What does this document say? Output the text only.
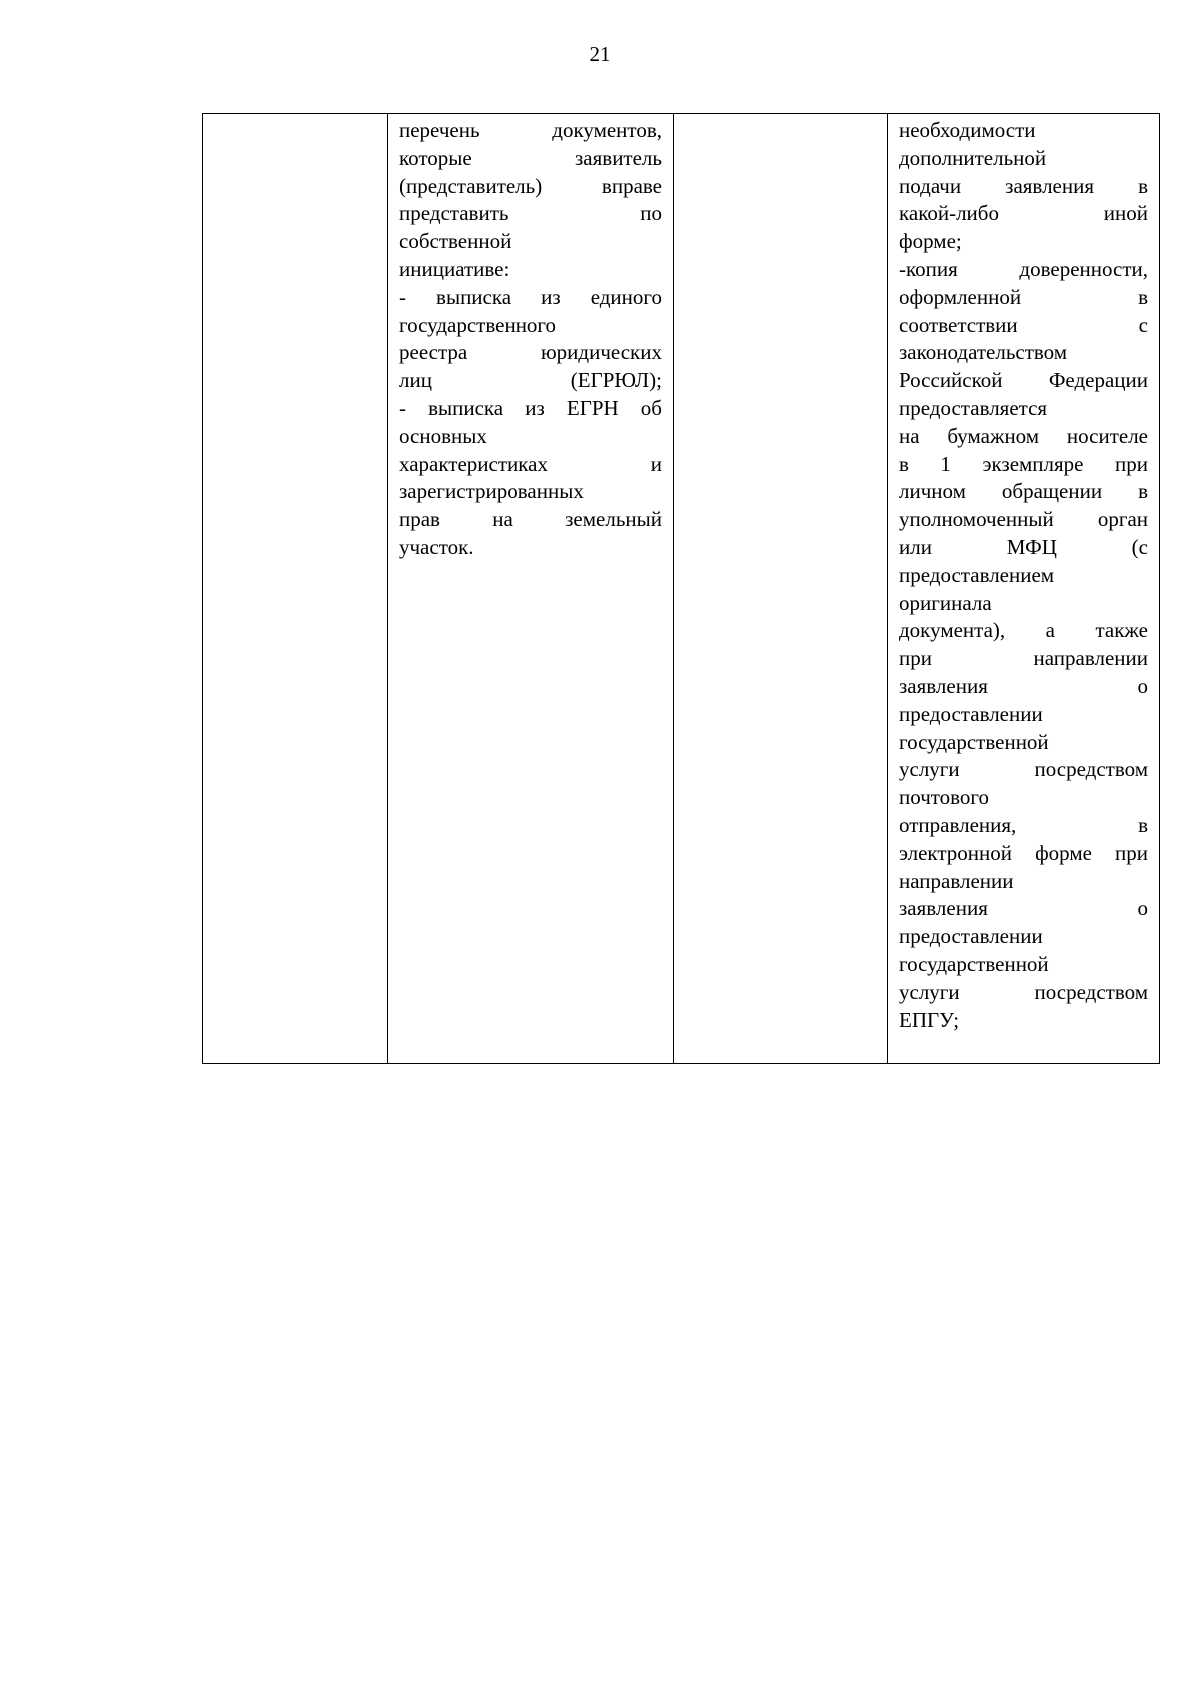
21

перечень документов,
которые заявитель
(представитель) вправе
представить по
собственной
инициативе:
- выписка из единого
государственного
реестра юридических
лиц (ЕГРЮЛ);
- выписка из ЕГРН об
основных
характеристиках и
зарегистрированных
прав на земельный
участок.

необходимости
дополнительной
подачи заявления в
какой-либо иной
форме;
-копия доверенности,
оформленной в
соответствии с
законодательством
Российской Федерации
предоставляется
на бумажном носителе
в 1 экземпляре при
личном обращении в
уполномоченный орган
или МФЦ (с
предоставлением
оригинала
документа), а также
при направлении
заявления о
предоставлении
государственной
услуги посредством
почтового
отправления, в
электронной форме при
направлении
заявления о
предоставлении
государственной
услуги посредством
ЕПГУ;
